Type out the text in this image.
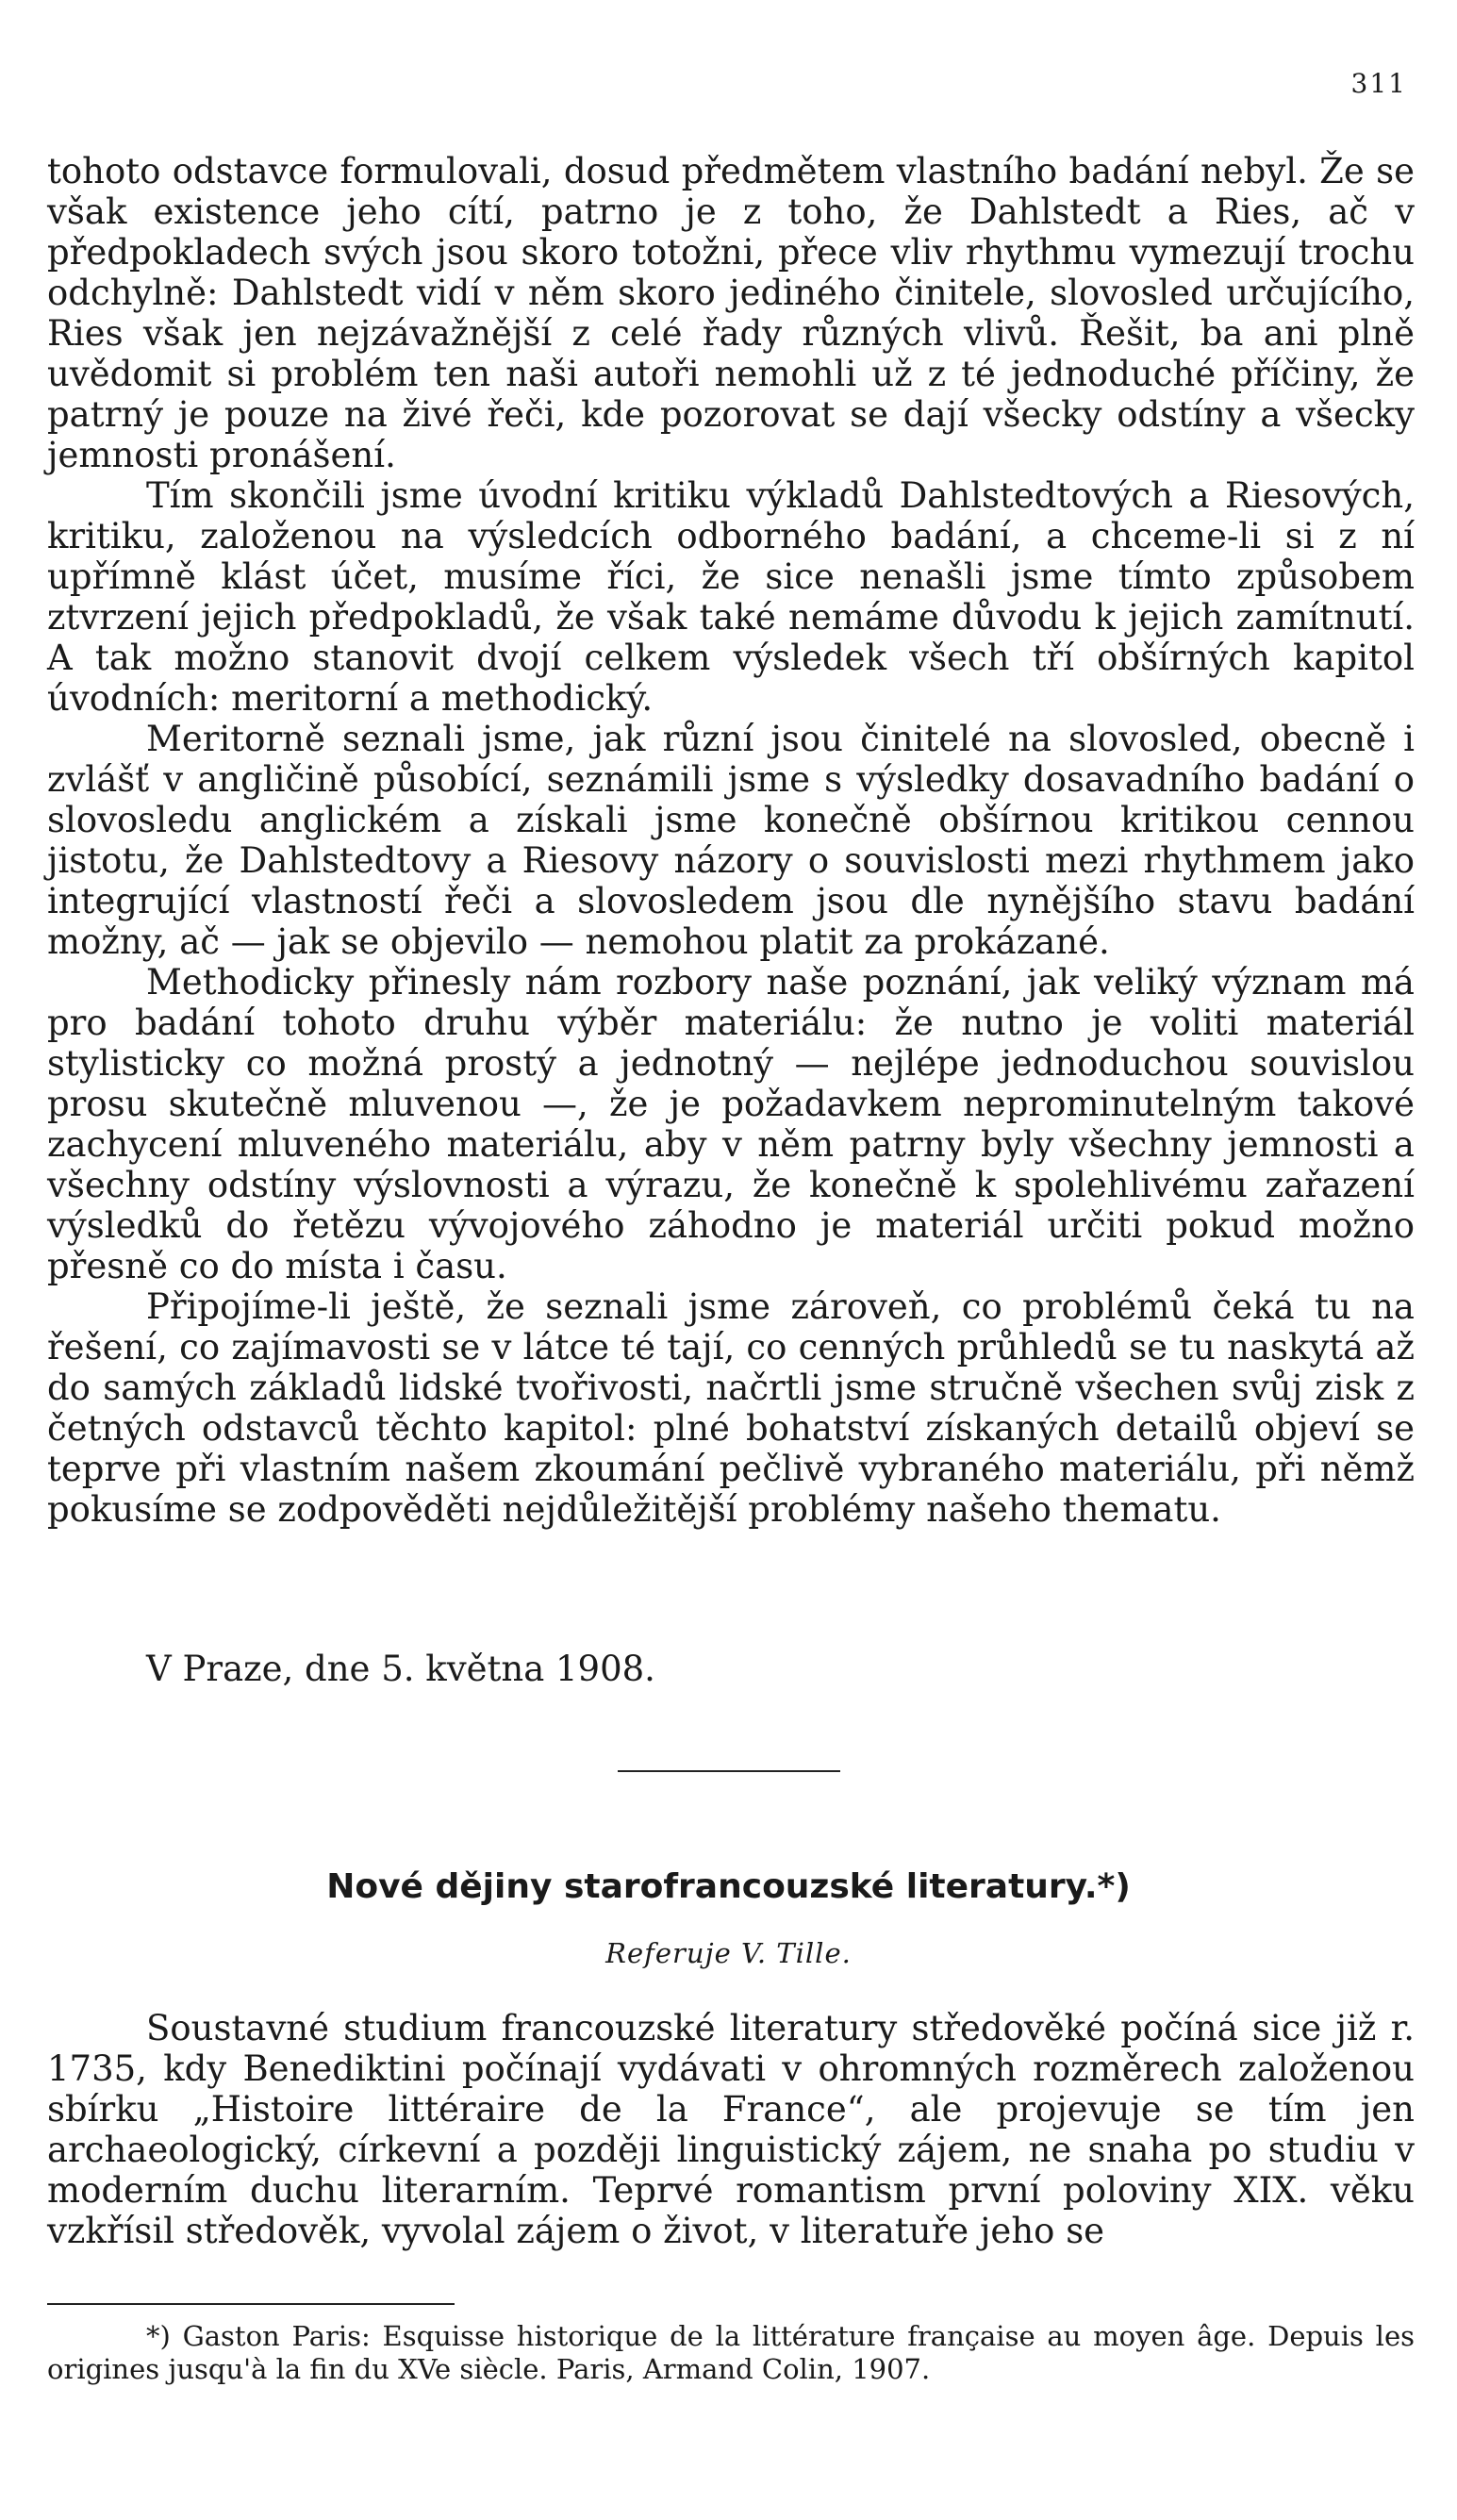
311

tohoto odstavce formulovali, dosud předmětem vlastního badání nebyl. Že se však existence jeho cítí, patrno je z toho, že Dahlstedt a Ries, ač v předpokladech svých jsou skoro totožni, přece vliv rhythmu vymezují trochu odchylně: Dahlstedt vidí v něm skoro jediného činitele, slovosled určujícího, Ries však jen nejzávažnější z celé řady různých vlivů. Řešit, ba ani plně uvědomit si problém ten naši autoři nemohli už z té jednoduché příčiny, že patrný je pouze na živé řeči, kde pozorovat se dají všecky odstíny a všecky jemnosti pronášení.

Tím skončili jsme úvodní kritiku výkladů Dahlstedtových a Riesových, kritiku, založenou na výsledcích odborného badání, a chceme-li si z ní upřímně klást účet, musíme říci, že sice nenašli jsme tímto způsobem ztvrzení jejich předpokladů, že však také nemáme důvodu k jejich zamítnutí. A tak možno stanovit dvojí celkem výsledek všech tří obšírných kapitol úvodních: meritorní a methodický.

Meritorně seznali jsme, jak různí jsou činitelé na slovosled, obecně i zvlášť v angličině působící, seznámili jsme s výsledky dosavadního badání o slovosledu anglickém a získali jsme konečně obšírnou kritikou cennou jistotu, že Dahlstedtovy a Riesovy názory o souvislosti mezi rhythmem jako integrující vlastností řeči a slovosledem jsou dle nynějšího stavu badání možny, ač — jak se objevilo — nemohou platit za prokázané.

Methodicky přinesly nám rozbory naše poznání, jak veliký význam má pro badání tohoto druhu výběr materiálu: že nutno je voliti materiál stylisticky co možná prostý a jednotný — nejlépe jednoduchou souvislou prosu skutečně mluvenou —, že je požadavkem neprominutelným takové zachycení mluveného materiálu, aby v něm patrny byly všechny jemnosti a všechny odstíny výslovnosti a výrazu, že konečně k spolehlivému zařazení výsledků do řetězu vývojového záhodno je materiál určiti pokud možno přesně co do místa i času.

Připojíme-li ještě, že seznali jsme zároveň, co problémů čeká tu na řešení, co zajímavosti se v látce té tají, co cenných průhledů se tu naskytá až do samých základů lidské tvořivosti, načrtli jsme stručně všechen svůj zisk z četných odstavců těchto kapitol: plné bohatství získaných detailů objeví se teprve při vlastním našem zkoumání pečlivě vybraného materiálu, při němž pokusíme se zodpověděti nejdůležitější problémy našeho thematu.

V Praze, dne 5. května 1908.
Nové dějiny starofrancouzské literatury.*)
Referuje V. Tille.

Soustavné studium francouzské literatury středověké počíná sice již r. 1735, kdy Benediktini počínají vydávati v ohromných rozměrech založenou sbírku „Histoire littéraire de la France“, ale projevuje se tím jen archaeologický, církevní a později linguistický zájem, ne snaha po studiu v moderním duchu literarním. Teprvé romantism první poloviny XIX. věku vzkřísil středověk, vyvolal zájem o život, v literatuře jeho se

*) Gaston Paris: Esquisse historique de la littérature française au moyen âge. Depuis les origines jusqu'à la fin du XVe siècle. Paris, Armand Colin, 1907.
